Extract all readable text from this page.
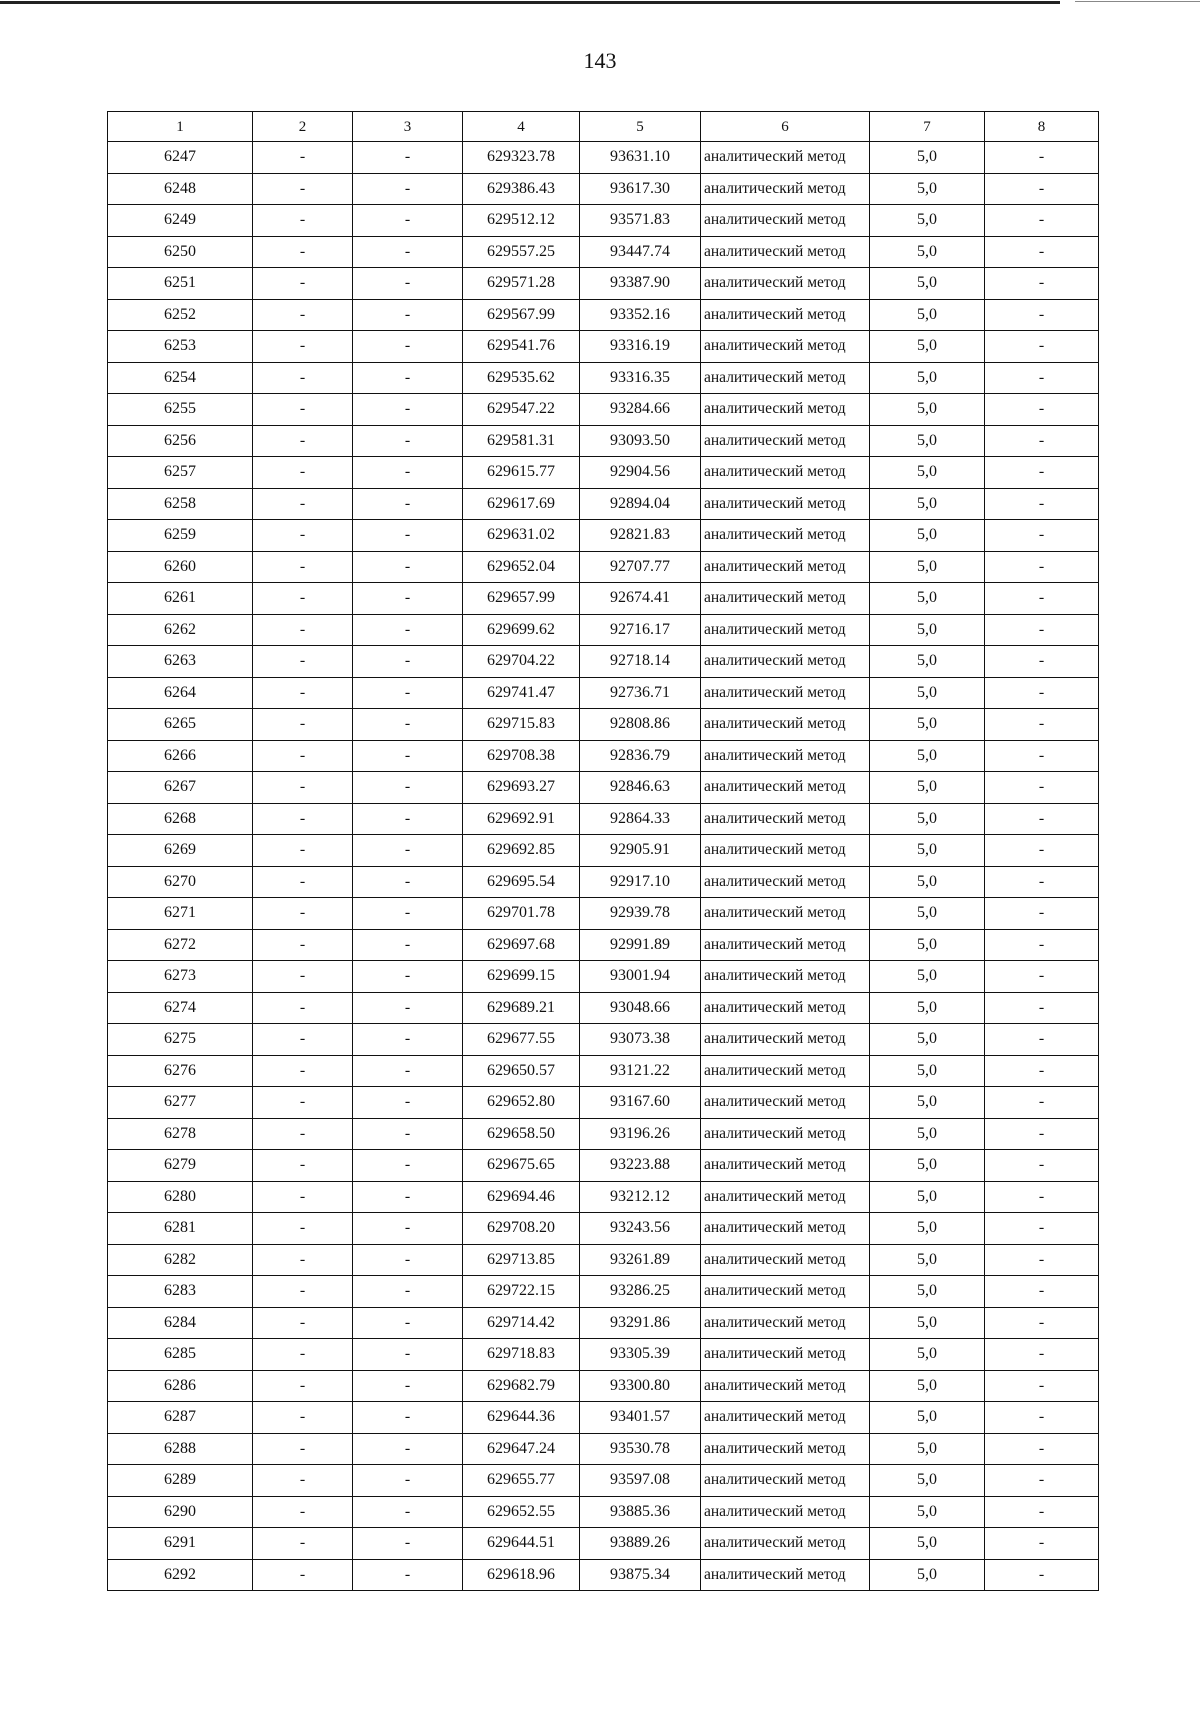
143
1	2	3	4	5	6	7	8
6247	-	-	629323.78	93631.10	аналитический метод	5,0	-
6248	-	-	629386.43	93617.30	аналитический метод	5,0	-
6249	-	-	629512.12	93571.83	аналитический метод	5,0	-
6250	-	-	629557.25	93447.74	аналитический метод	5,0	-
6251	-	-	629571.28	93387.90	аналитический метод	5,0	-
6252	-	-	629567.99	93352.16	аналитический метод	5,0	-
6253	-	-	629541.76	93316.19	аналитический метод	5,0	-
6254	-	-	629535.62	93316.35	аналитический метод	5,0	-
6255	-	-	629547.22	93284.66	аналитический метод	5,0	-
6256	-	-	629581.31	93093.50	аналитический метод	5,0	-
6257	-	-	629615.77	92904.56	аналитический метод	5,0	-
6258	-	-	629617.69	92894.04	аналитический метод	5,0	-
6259	-	-	629631.02	92821.83	аналитический метод	5,0	-
6260	-	-	629652.04	92707.77	аналитический метод	5,0	-
6261	-	-	629657.99	92674.41	аналитический метод	5,0	-
6262	-	-	629699.62	92716.17	аналитический метод	5,0	-
6263	-	-	629704.22	92718.14	аналитический метод	5,0	-
6264	-	-	629741.47	92736.71	аналитический метод	5,0	-
6265	-	-	629715.83	92808.86	аналитический метод	5,0	-
6266	-	-	629708.38	92836.79	аналитический метод	5,0	-
6267	-	-	629693.27	92846.63	аналитический метод	5,0	-
6268	-	-	629692.91	92864.33	аналитический метод	5,0	-
6269	-	-	629692.85	92905.91	аналитический метод	5,0	-
6270	-	-	629695.54	92917.10	аналитический метод	5,0	-
6271	-	-	629701.78	92939.78	аналитический метод	5,0	-
6272	-	-	629697.68	92991.89	аналитический метод	5,0	-
6273	-	-	629699.15	93001.94	аналитический метод	5,0	-
6274	-	-	629689.21	93048.66	аналитический метод	5,0	-
6275	-	-	629677.55	93073.38	аналитический метод	5,0	-
6276	-	-	629650.57	93121.22	аналитический метод	5,0	-
6277	-	-	629652.80	93167.60	аналитический метод	5,0	-
6278	-	-	629658.50	93196.26	аналитический метод	5,0	-
6279	-	-	629675.65	93223.88	аналитический метод	5,0	-
6280	-	-	629694.46	93212.12	аналитический метод	5,0	-
6281	-	-	629708.20	93243.56	аналитический метод	5,0	-
6282	-	-	629713.85	93261.89	аналитический метод	5,0	-
6283	-	-	629722.15	93286.25	аналитический метод	5,0	-
6284	-	-	629714.42	93291.86	аналитический метод	5,0	-
6285	-	-	629718.83	93305.39	аналитический метод	5,0	-
6286	-	-	629682.79	93300.80	аналитический метод	5,0	-
6287	-	-	629644.36	93401.57	аналитический метод	5,0	-
6288	-	-	629647.24	93530.78	аналитический метод	5,0	-
6289	-	-	629655.77	93597.08	аналитический метод	5,0	-
6290	-	-	629652.55	93885.36	аналитический метод	5,0	-
6291	-	-	629644.51	93889.26	аналитический метод	5,0	-
6292	-	-	629618.96	93875.34	аналитический метод	5,0	-
